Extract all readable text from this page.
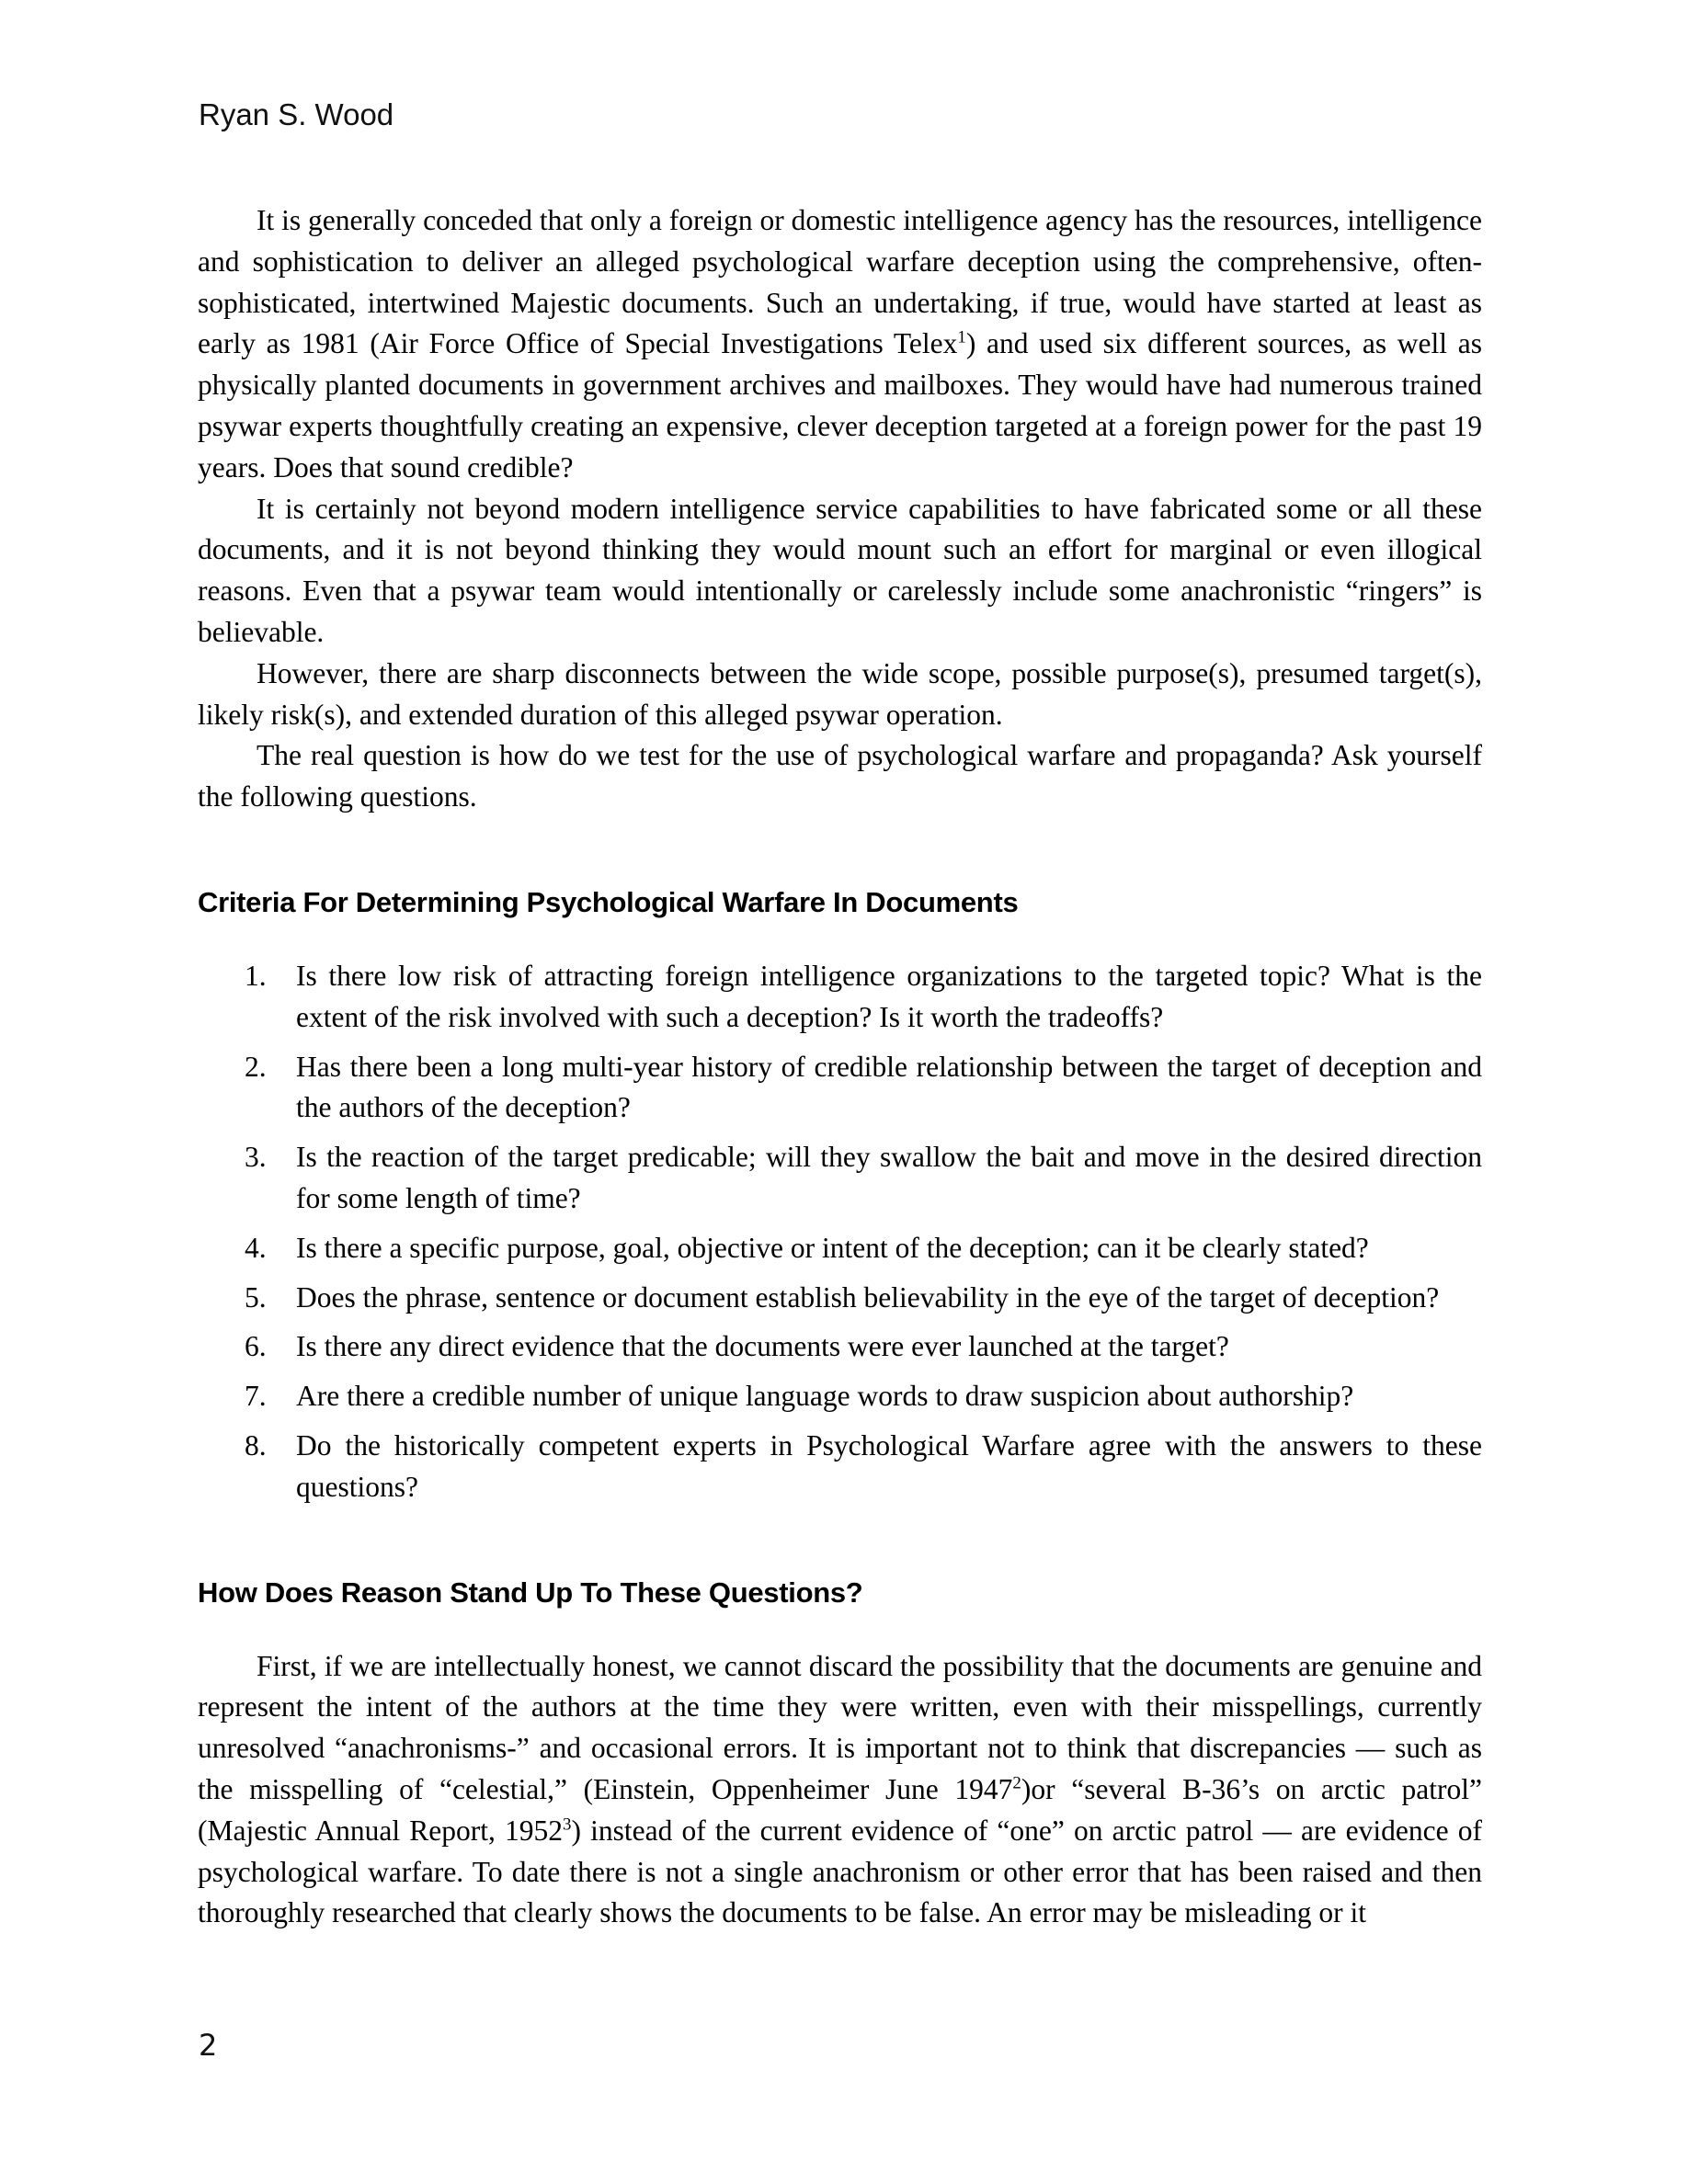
Ryan S. Wood

It is generally conceded that only a foreign or domestic intelligence agency has the resources, intelligence and sophistication to deliver an alleged psychological warfare deception using the comprehensive, often-sophisticated, intertwined Majestic documents. Such an undertaking, if true, would have started at least as early as 1981 (Air Force Office of Special Investigations Telex$^1$) and used six different sources, as well as physically planted documents in government archives and mailboxes. They would have had numerous trained psywar experts thoughtfully creating an expensive, clever deception targeted at a foreign power for the past 19 years. Does that sound credible?

It is certainly not beyond modern intelligence service capabilities to have fabricated some or all these documents, and it is not beyond thinking they would mount such an effort for marginal or even illogical reasons. Even that a psywar team would intentionally or carelessly include some anachronistic “ringers” is believable.

However, there are sharp disconnects between the wide scope, possible purpose(s), presumed target(s), likely risk(s), and extended duration of this alleged psywar operation.

The real question is how do we test for the use of psychological warfare and propaganda? Ask yourself the following questions.

Criteria For Determining Psychological Warfare In Documents
1. Is there low risk of attracting foreign intelligence organizations to the targeted topic? What is the extent of the risk involved with such a deception? Is it worth the tradeoffs?
2. Has there been a long multi-year history of credible relationship between the target of deception and the authors of the deception?
3. Is the reaction of the target predicable; will they swallow the bait and move in the desired direction for some length of time?
4. Is there a specific purpose, goal, objective or intent of the deception; can it be clearly stated?
5. Does the phrase, sentence or document establish believability in the eye of the target of deception?
6. Is there any direct evidence that the documents were ever launched at the target?
7. Are there a credible number of unique language words to draw suspicion about authorship?
8. Do the historically competent experts in Psychological Warfare agree with the answers to these questions?
How Does Reason Stand Up To These Questions?

First, if we are intellectually honest, we cannot discard the possibility that the documents are genuine and represent the intent of the authors at the time they were written, even with their misspellings, currently unresolved “anachronisms-” and occasional errors. It is important not to think that discrepancies — such as the misspelling of “celestial,” (Einstein, Oppenheimer June 1947$^2$)or “several B-36’s on arctic patrol” (Majestic Annual Report, 1952$^3$) instead of the current evidence of “one” on arctic patrol — are evidence of psychological warfare. To date there is not a single anachronism or other error that has been raised and then thoroughly researched that clearly shows the documents to be false. An error may be misleading or it

2
